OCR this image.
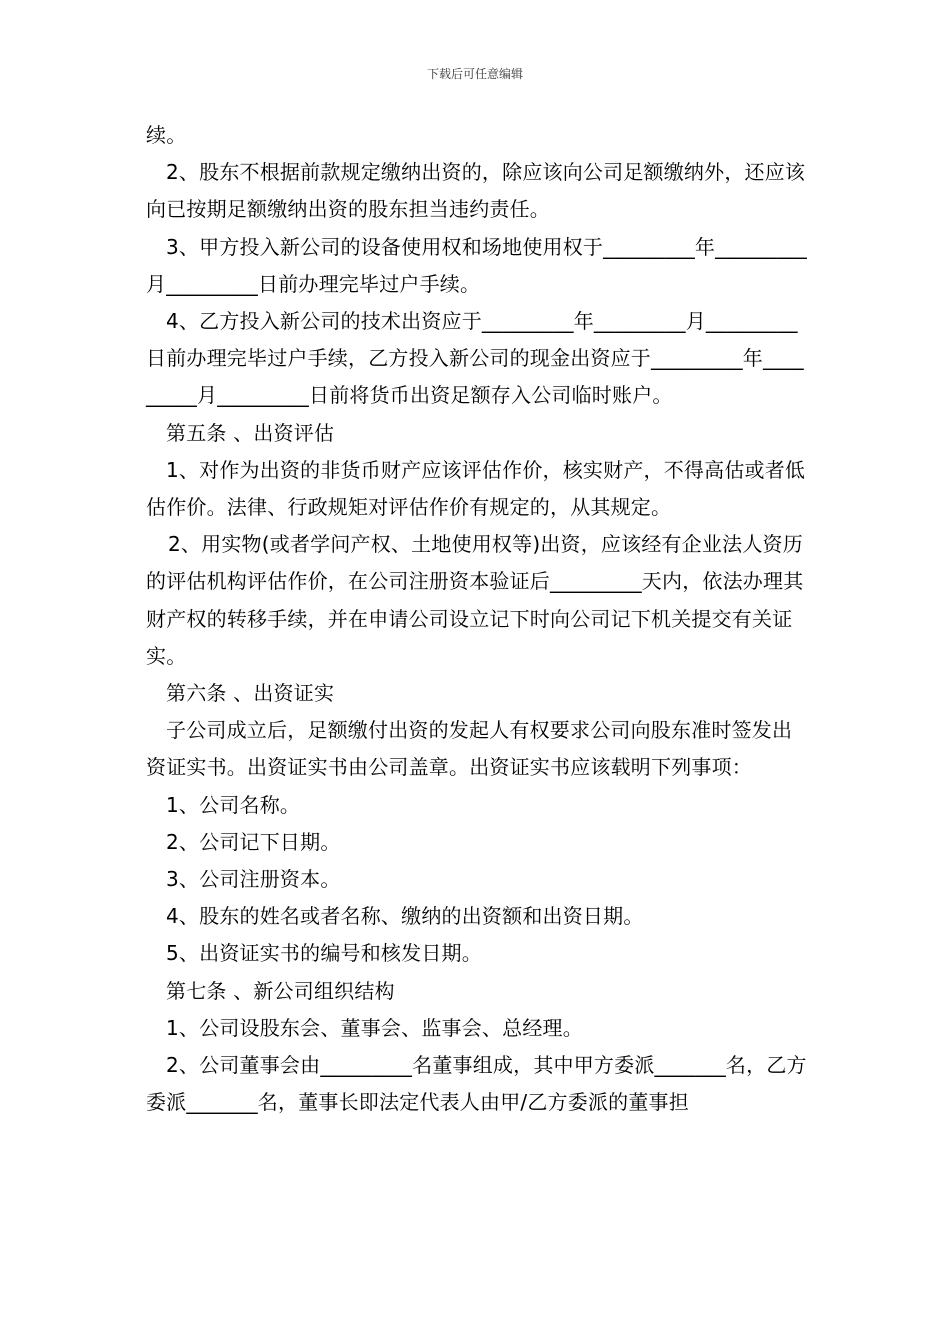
下载后可任意编辑

续。

2、股东不根据前款规定缴纳出资的，除应该向公司足额缴纳外，还应该向已按期足额缴纳出资的股东担当违约责任。

3、甲方投入新公司的设备使用权和场地使用权于_________年_________月_________日前办理完毕过户手续。

4、乙方投入新公司的技术出资应于_________年_________月_________日前办理完毕过户手续，乙方投入新公司的现金出资应于_________年_________月_________日前将货币出资足额存入公司临时账户。

第五条 、出资评估

1、对作为出资的非货币财产应该评估作价，核实财产，不得高估或者低估作价。法律、行政规矩对评估作价有规定的，从其规定。

2、用实物(或者学问产权、土地使用权等)出资，应该经有企业法人资历的评估机构评估作价，在公司注册资本验证后_________天内，依法办理其财产权的转移手续，并在申请公司设立记下时向公司记下机关提交有关证实。

第六条 、出资证实

子公司成立后，足额缴付出资的发起人有权要求公司向股东准时签发出资证实书。出资证实书由公司盖章。出资证实书应该载明下列事项：

1、公司名称。

2、公司记下日期。

3、公司注册资本。

4、股东的姓名或者名称、缴纳的出资额和出资日期。

5、出资证实书的编号和核发日期。

第七条 、新公司组织结构

1、公司设股东会、董事会、监事会、总经理。

2、公司董事会由_________名董事组成，其中甲方委派_______名，乙方委派_______名，董事长即法定代表人由甲/乙方委派的董事担
